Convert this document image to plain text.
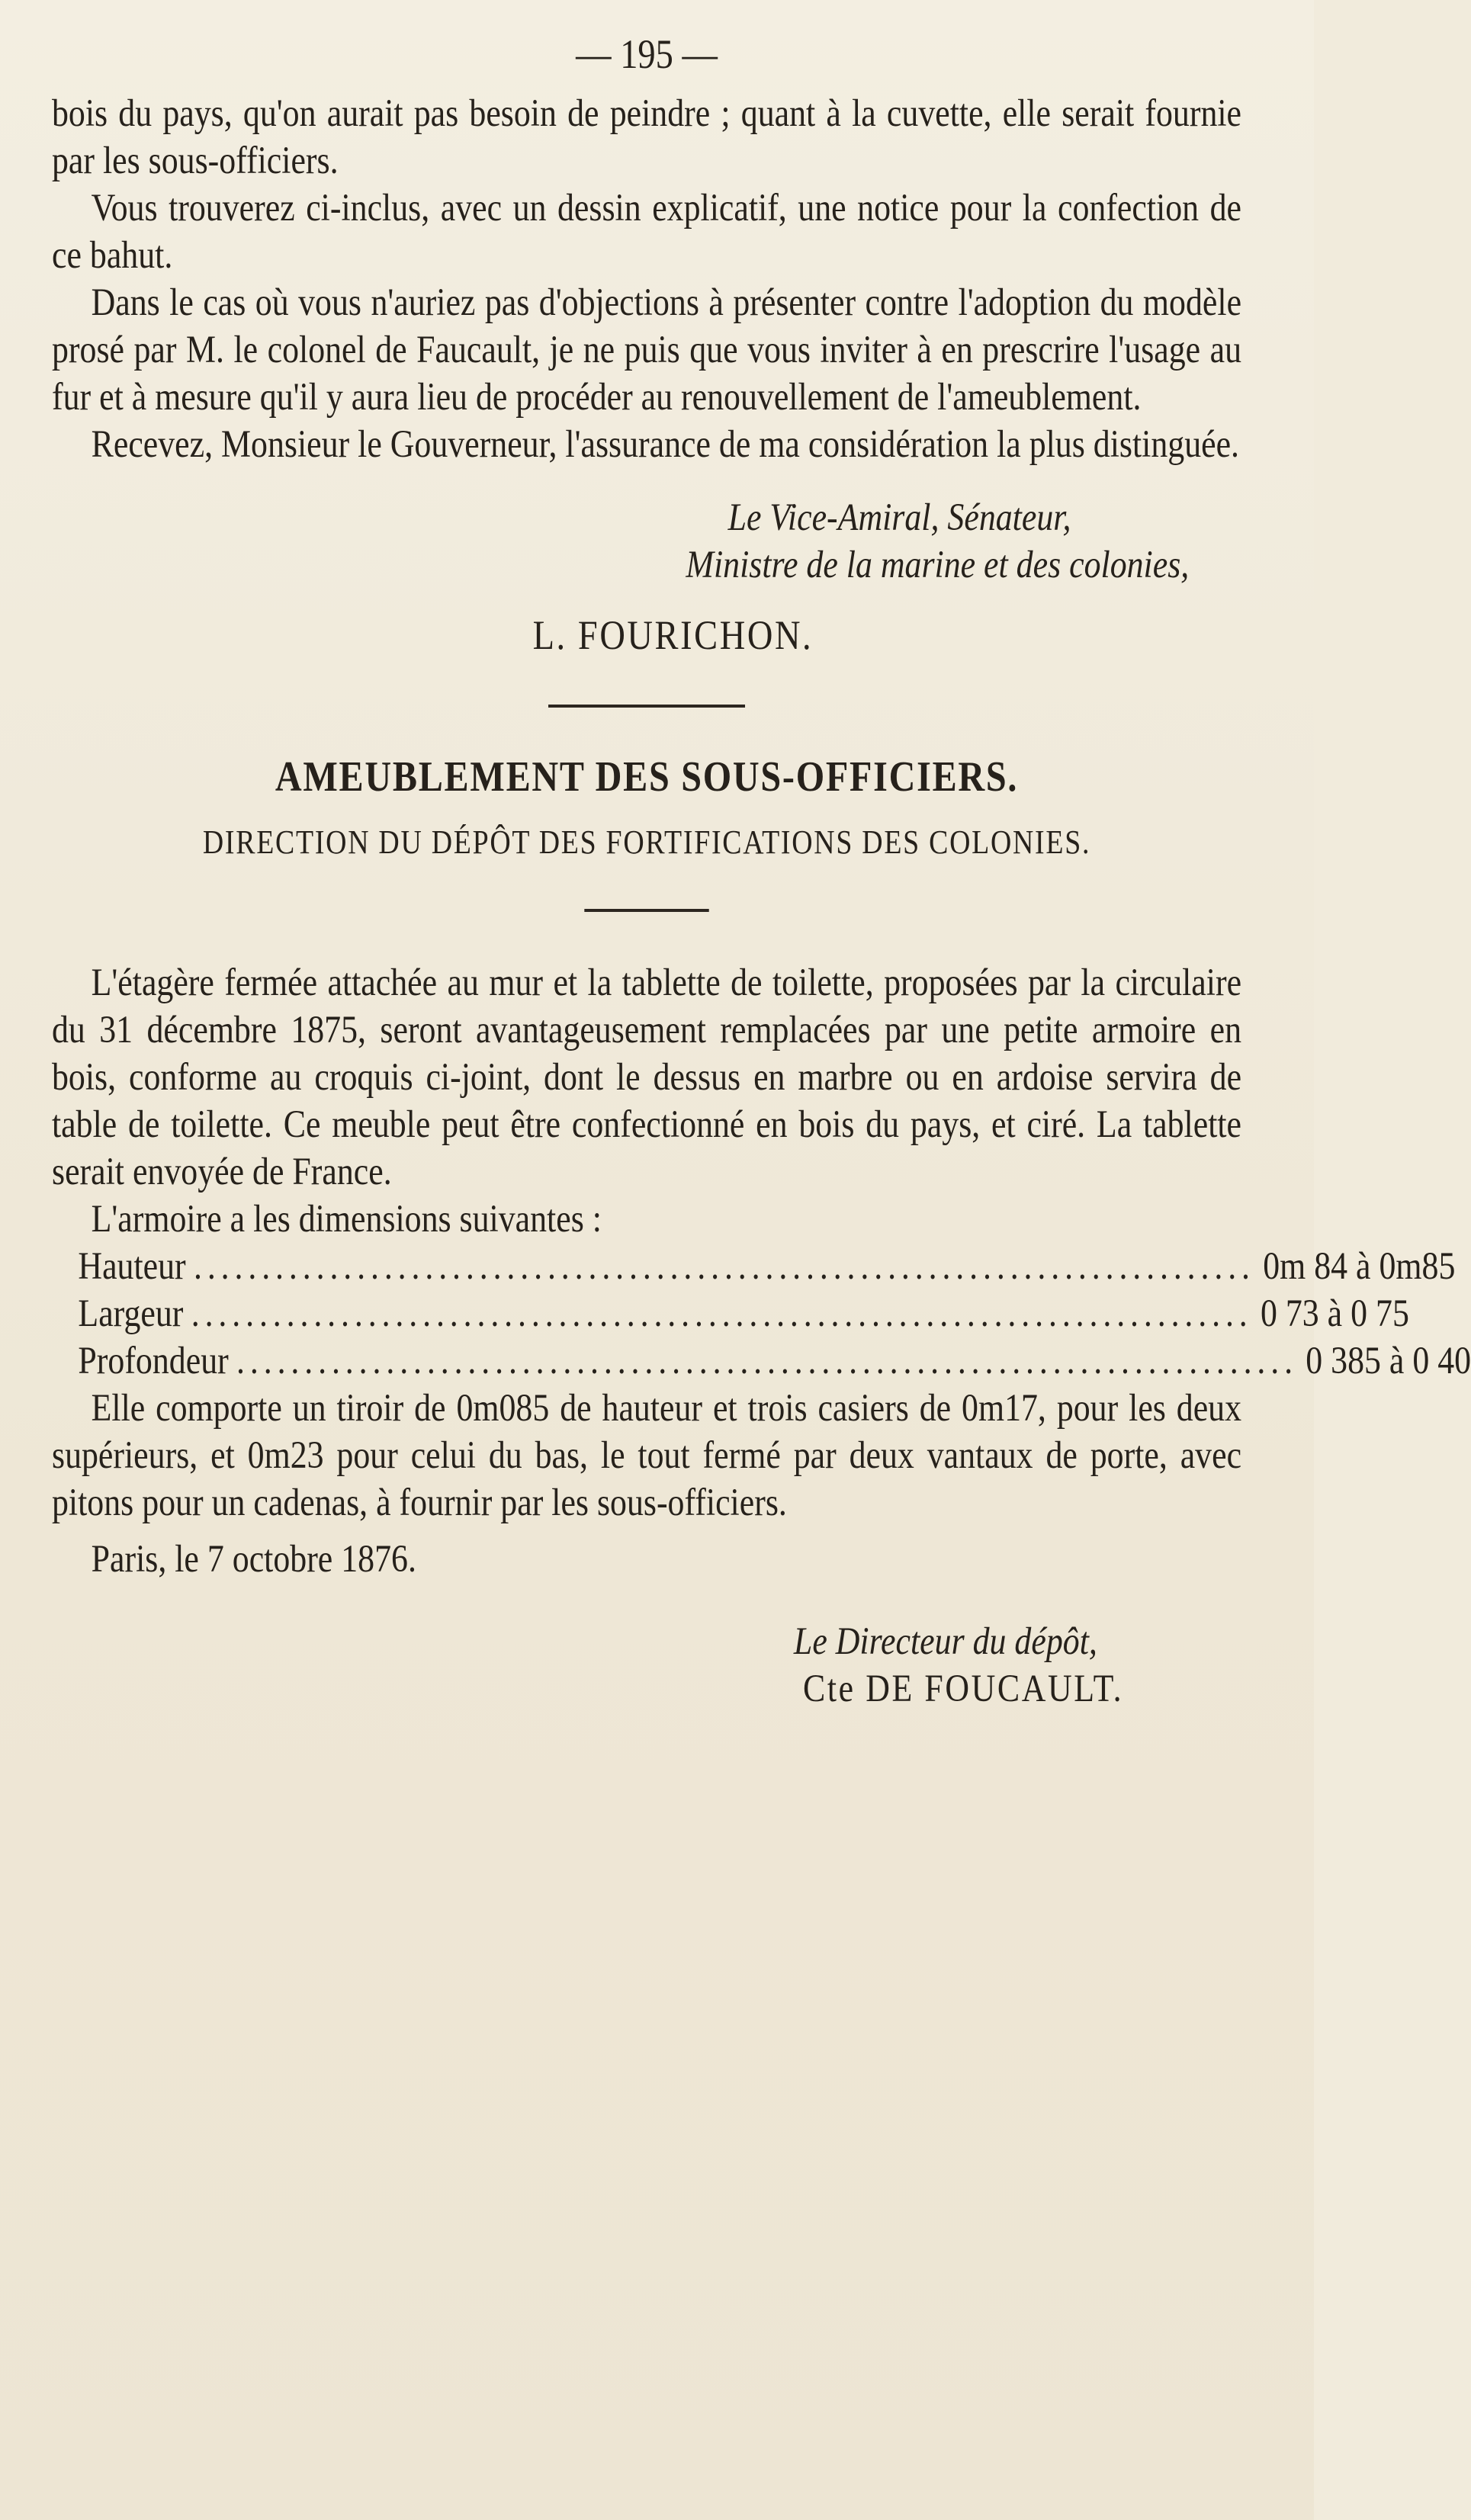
— 195 —

bois du pays, qu'on aurait pas besoin de peindre ; quant à la cuvette, elle serait fournie par les sous-officiers.

Vous trouverez ci-inclus, avec un dessin explicatif, une notice pour la confection de ce bahut.

Dans le cas où vous n'auriez pas d'objections à présenter contre l'adoption du modèle prosé par M. le colonel de Faucault, je ne puis que vous inviter à en prescrire l'usage au fur et à mesure qu'il y aura lieu de procéder au renouvellement de l'ameublement.

Recevez, Monsieur le Gouverneur, l'assurance de ma considération la plus distinguée.

Le Vice-Amiral, Sénateur,

Ministre de la marine et des colonies,

L. FOURICHON.

AMEUBLEMENT DES SOUS-OFFICIERS.

DIRECTION DU DÉPÔT DES FORTIFICATIONS DES COLONIES.

L'étagère fermée attachée au mur et la tablette de toilette, proposées par la circulaire du 31 décembre 1875, seront avantageusement remplacées par une petite armoire en bois, conforme au croquis ci-joint, dont le dessus en marbre ou en ardoise servira de table de toilette. Ce meuble peut être confectionné en bois du pays, et ciré. La tablette serait envoyée de France.

L'armoire a les dimensions suivantes :

Hauteur .............................................................................. 0m 84 à 0m85
Largeur .............................................................................. 0 73 à 0 75
Profondeur .............................................................................. 0 385 à 0 40

Elle comporte un tiroir de 0m085 de hauteur et trois casiers de 0m17, pour les deux supérieurs, et 0m23 pour celui du bas, le tout fermé par deux vantaux de porte, avec pitons pour un cadenas, à fournir par les sous-officiers.

Paris, le 7 octobre 1876.

Le Directeur du dépôt,

Cte DE FOUCAULT.
